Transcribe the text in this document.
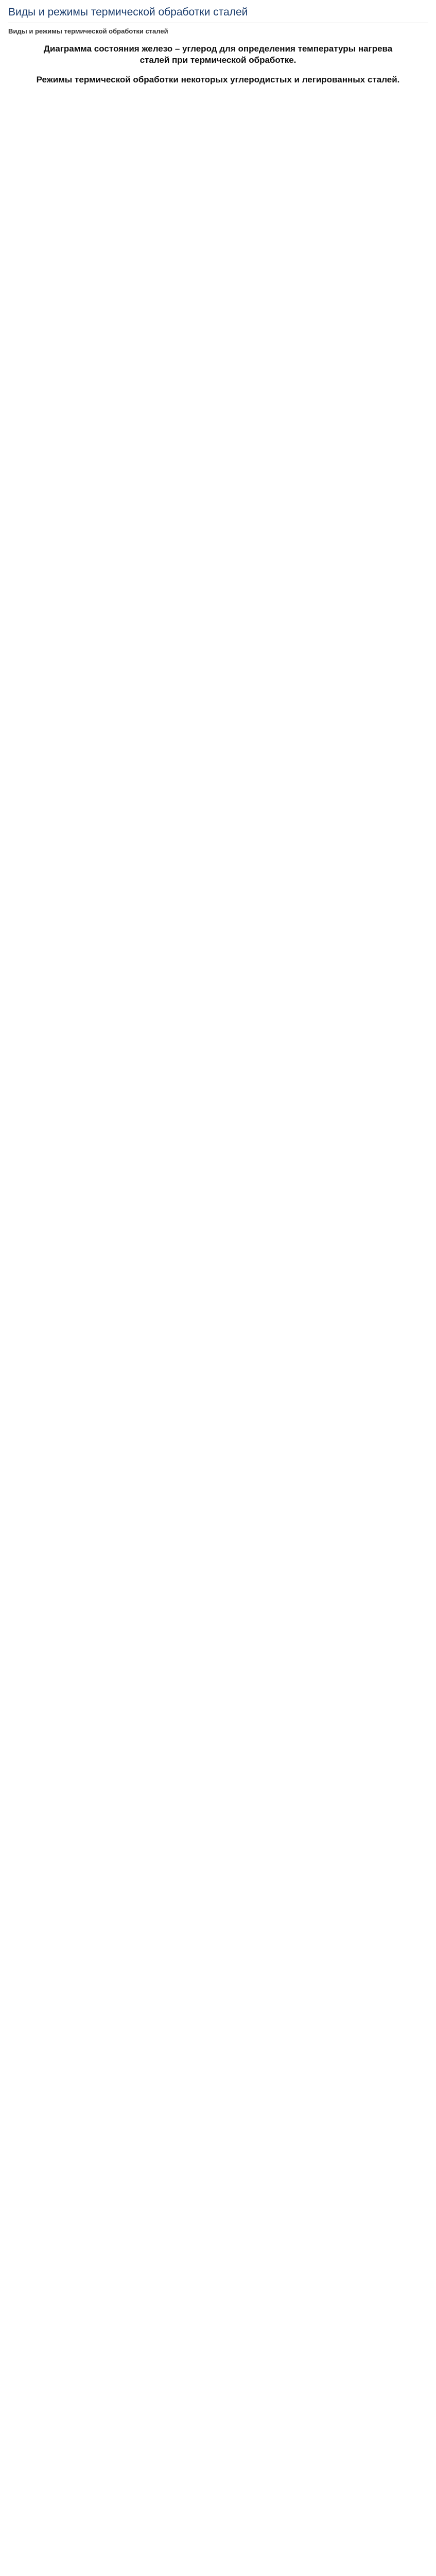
Виды и режимы термической обработки сталей
Виды и режимы термической обработки сталей
Диаграмма состояния железо – углерод для определения температуры нагрева сталей при термической обработке.
Режимы термической обработки некоторых углеродистых и легированных сталей.
